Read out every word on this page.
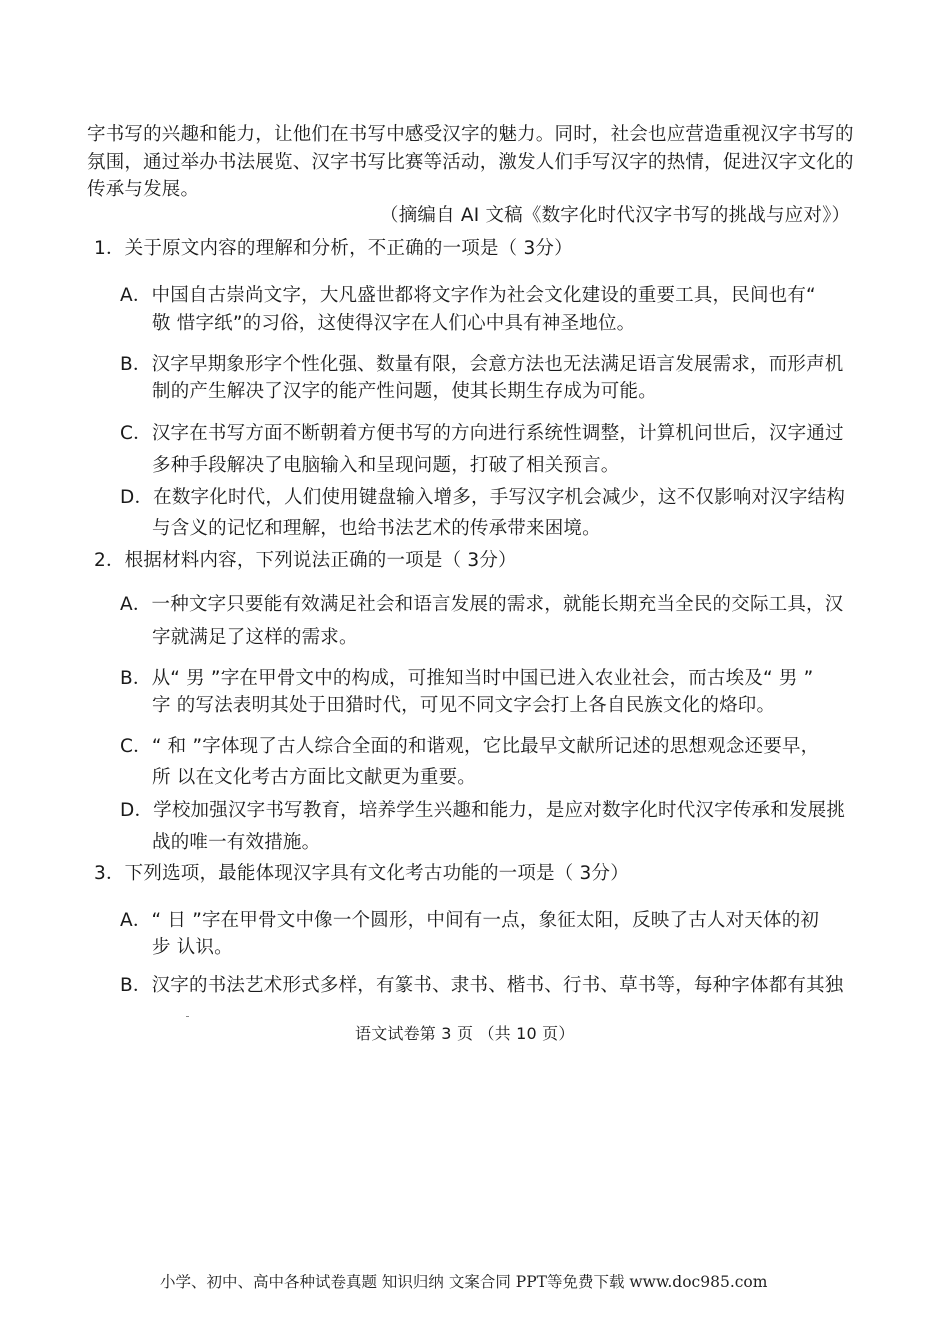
字书写的兴趣和能力，让他们在书写中感受汉字的魅力。同时，社会也应营造重视汉字书写的
氛围，通过举办书法展览、汉字书写比赛等活动，激发人们手写汉字的热情，促进汉字文化的
传承与发展。
（摘编自 AI 文稿《数字化时代汉字书写的挑战与应对》）
1．关于原文内容的理解和分析，不正确的一项是（ 3分）
A．中国自古崇尚文字，大凡盛世都将文字作为社会文化建设的重要工具，民间也有“
敬 惜字纸”的习俗，这使得汉字在人们心中具有神圣地位。
B．汉字早期象形字个性化强、数量有限，会意方法也无法满足语言发展需求，而形声机
制的产生解决了汉字的能产性问题，使其长期生存成为可能。
C．汉字在书写方面不断朝着方便书写的方向进行系统性调整，计算机问世后，汉字通过
多种手段解决了电脑输入和呈现问题，打破了相关预言。
D．在数字化时代，人们使用键盘输入增多，手写汉字机会减少，这不仅影响对汉字结构
与含义的记忆和理解，也给书法艺术的传承带来困境。
2．根据材料内容，下列说法正确的一项是（ 3分）
A．一种文字只要能有效满足社会和语言发展的需求，就能长期充当全民的交际工具，汉
字就满足了这样的需求。
B．从“ 男 ”字在甲骨文中的构成，可推知当时中国已进入农业社会，而古埃及“ 男 ”
字 的写法表明其处于田猎时代，可见不同文字会打上各自民族文化的烙印。
C．“ 和 ”字体现了古人综合全面的和谐观，它比最早文献所记述的思想观念还要早，
所 以在文化考古方面比文献更为重要。
D．学校加强汉字书写教育，培养学生兴趣和能力，是应对数字化时代汉字传承和发展挑
战的唯一有效措施。
3．下列选项，最能体现汉字具有文化考古功能的一项是（ 3分）
A．“ 日 ”字在甲骨文中像一个圆形，中间有一点，象征太阳，反映了古人对天体的初
步 认识。
B．汉字的书法艺术形式多样，有篆书、隶书、楷书、行书、草书等，每种字体都有其独
语文试卷第 3 页 （共 10 页）
小学、初中、高中各种试卷真题 知识归纳 文案合同 PPT等免费下载 www.doc985.com
